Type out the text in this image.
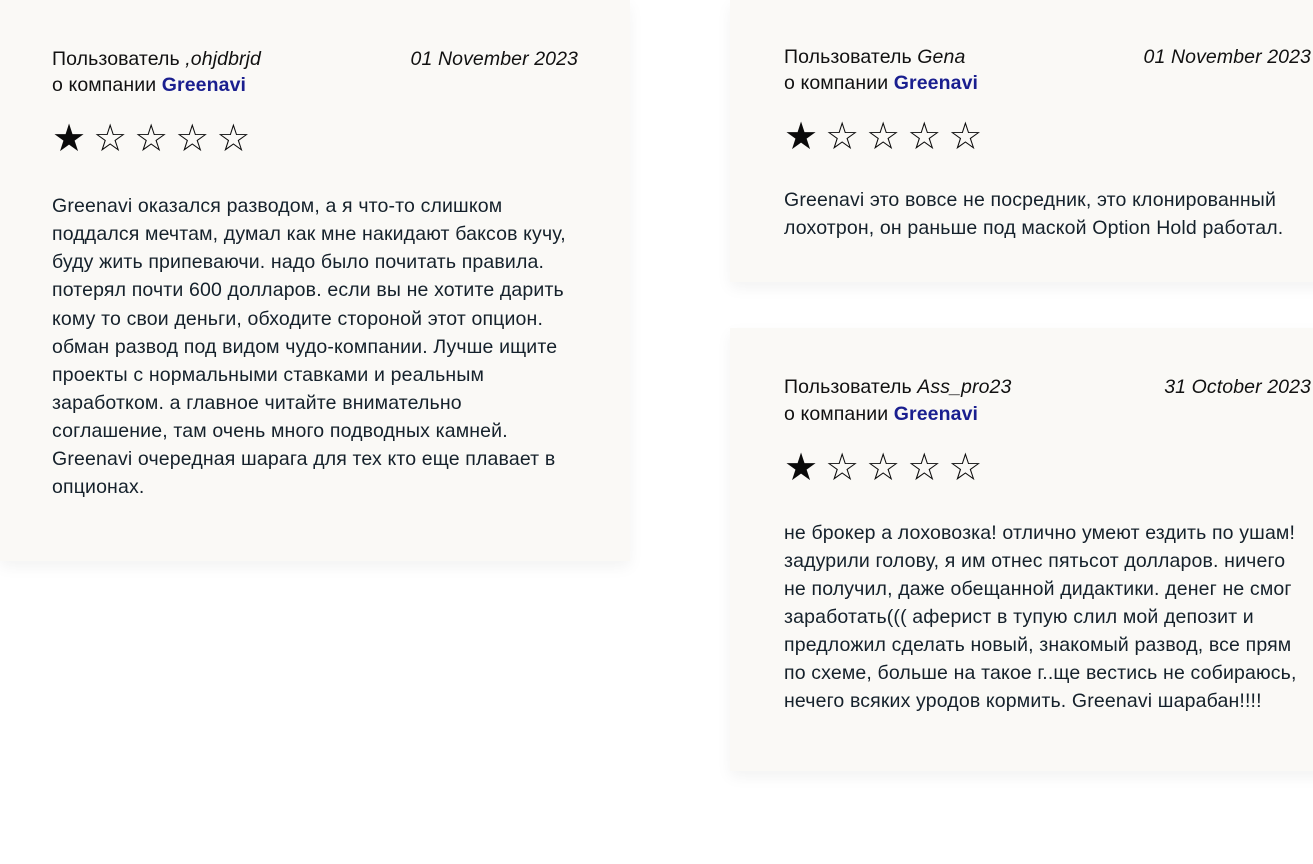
Пользователь ,ohjdbrjd
о компании Greenavi
01 November 2023
★ ☆ ☆ ☆ ☆
Greenavi оказался разводом, а я что-то слишком поддался мечтам, думал как мне накидают баксов кучу, буду жить припеваючи. надо было почитать правила. потерял почти 600 долларов. если вы не хотите дарить кому то свои деньги, обходите стороной этот опцион. обман развод под видом чудо-компании. Лучше ищите проекты с нормальными ставками и реальным заработком. а главное читайте внимательно соглашение, там очень много подводных камней. Greenavi очередная шарага для тех кто еще плавает в опционах.
Пользователь Gena
о компании Greenavi
01 November 2023
★ ☆ ☆ ☆ ☆
Greenavi это вовсе не посредник, это клонированный лохотрон, он раньше под маской Option Hold работал.
Пользователь Ass_pro23
о компании Greenavi
31 October 2023
★ ☆ ☆ ☆ ☆
не брокер а лоховозка! отлично умеют ездить по ушам! задурили голову, я им отнес пятьсот долларов. ничего не получил, даже обещанной дидактики. денег не смог заработать((( аферист в тупую слил мой депозит и предложил сделать новый, знакомый развод, все прям по схеме, больше на такое г..ще вестись не собираюсь, нечего всяких уродов кормить. Greenavi шарабан!!!!
